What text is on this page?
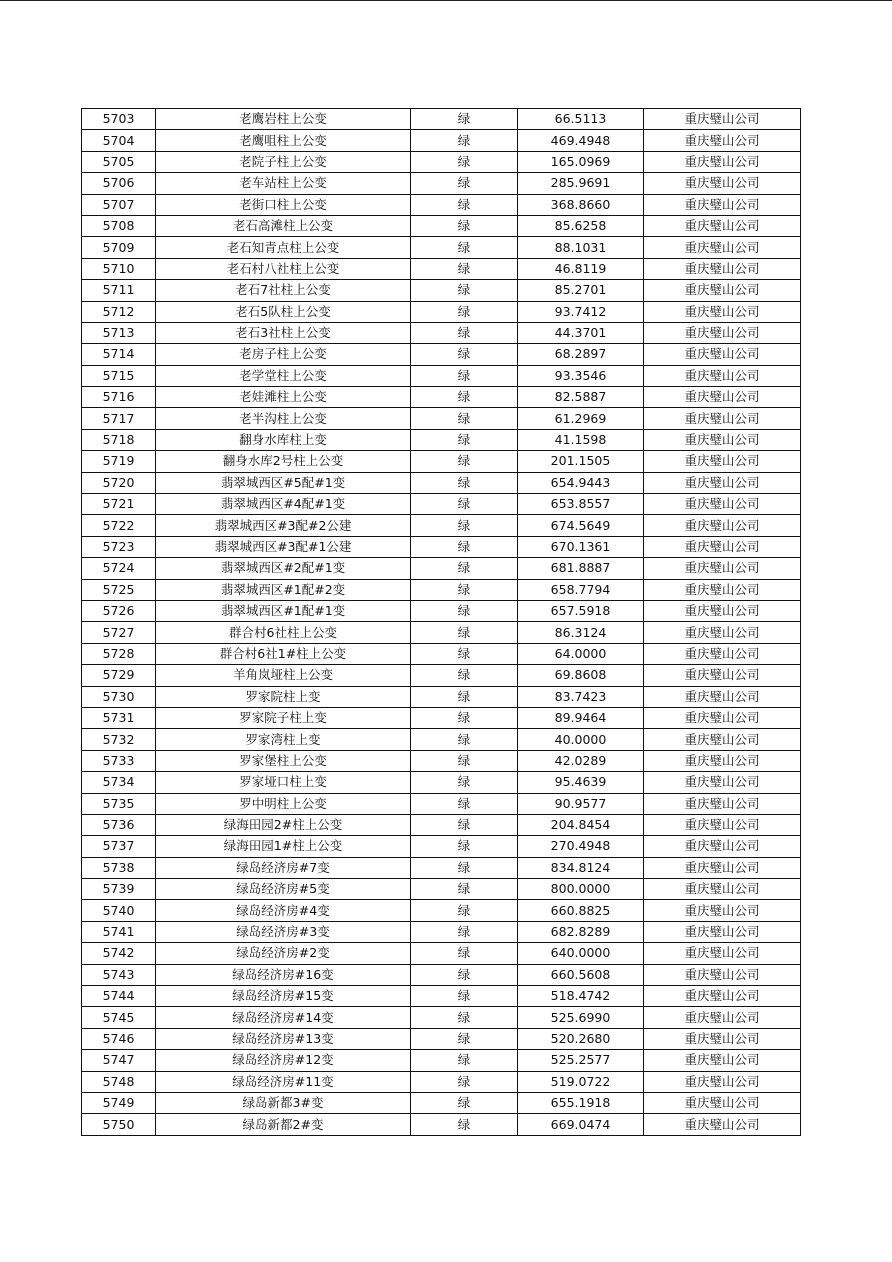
5703	老鹰岩柱上公变	绿	66.5113	重庆璧山公司
5704	老鹰咀柱上公变	绿	469.4948	重庆璧山公司
5705	老院子柱上公变	绿	165.0969	重庆璧山公司
5706	老车站柱上公变	绿	285.9691	重庆璧山公司
5707	老街口柱上公变	绿	368.8660	重庆璧山公司
5708	老石高滩柱上公变	绿	85.6258	重庆璧山公司
5709	老石知青点柱上公变	绿	88.1031	重庆璧山公司
5710	老石村八社柱上公变	绿	46.8119	重庆璧山公司
5711	老石7社柱上公变	绿	85.2701	重庆璧山公司
5712	老石5队柱上公变	绿	93.7412	重庆璧山公司
5713	老石3社柱上公变	绿	44.3701	重庆璧山公司
5714	老房子柱上公变	绿	68.2897	重庆璧山公司
5715	老学堂柱上公变	绿	93.3546	重庆璧山公司
5716	老娃滩柱上公变	绿	82.5887	重庆璧山公司
5717	老半沟柱上公变	绿	61.2969	重庆璧山公司
5718	翻身水库柱上变	绿	41.1598	重庆璧山公司
5719	翻身水库2号柱上公变	绿	201.1505	重庆璧山公司
5720	翡翠城西区#5配#1变	绿	654.9443	重庆璧山公司
5721	翡翠城西区#4配#1变	绿	653.8557	重庆璧山公司
5722	翡翠城西区#3配#2公建	绿	674.5649	重庆璧山公司
5723	翡翠城西区#3配#1公建	绿	670.1361	重庆璧山公司
5724	翡翠城西区#2配#1变	绿	681.8887	重庆璧山公司
5725	翡翠城西区#1配#2变	绿	658.7794	重庆璧山公司
5726	翡翠城西区#1配#1变	绿	657.5918	重庆璧山公司
5727	群合村6社柱上公变	绿	86.3124	重庆璧山公司
5728	群合村6社1#柱上公变	绿	64.0000	重庆璧山公司
5729	羊角岚垭柱上公变	绿	69.8608	重庆璧山公司
5730	罗家院柱上变	绿	83.7423	重庆璧山公司
5731	罗家院子柱上变	绿	89.9464	重庆璧山公司
5732	罗家湾柱上变	绿	40.0000	重庆璧山公司
5733	罗家堡柱上公变	绿	42.0289	重庆璧山公司
5734	罗家垭口柱上变	绿	95.4639	重庆璧山公司
5735	罗中明柱上公变	绿	90.9577	重庆璧山公司
5736	绿海田园2#柱上公变	绿	204.8454	重庆璧山公司
5737	绿海田园1#柱上公变	绿	270.4948	重庆璧山公司
5738	绿岛经济房#7变	绿	834.8124	重庆璧山公司
5739	绿岛经济房#5变	绿	800.0000	重庆璧山公司
5740	绿岛经济房#4变	绿	660.8825	重庆璧山公司
5741	绿岛经济房#3变	绿	682.8289	重庆璧山公司
5742	绿岛经济房#2变	绿	640.0000	重庆璧山公司
5743	绿岛经济房#16变	绿	660.5608	重庆璧山公司
5744	绿岛经济房#15变	绿	518.4742	重庆璧山公司
5745	绿岛经济房#14变	绿	525.6990	重庆璧山公司
5746	绿岛经济房#13变	绿	520.2680	重庆璧山公司
5747	绿岛经济房#12变	绿	525.2577	重庆璧山公司
5748	绿岛经济房#11变	绿	519.0722	重庆璧山公司
5749	绿岛新都3#变	绿	655.1918	重庆璧山公司
5750	绿岛新都2#变	绿	669.0474	重庆璧山公司
